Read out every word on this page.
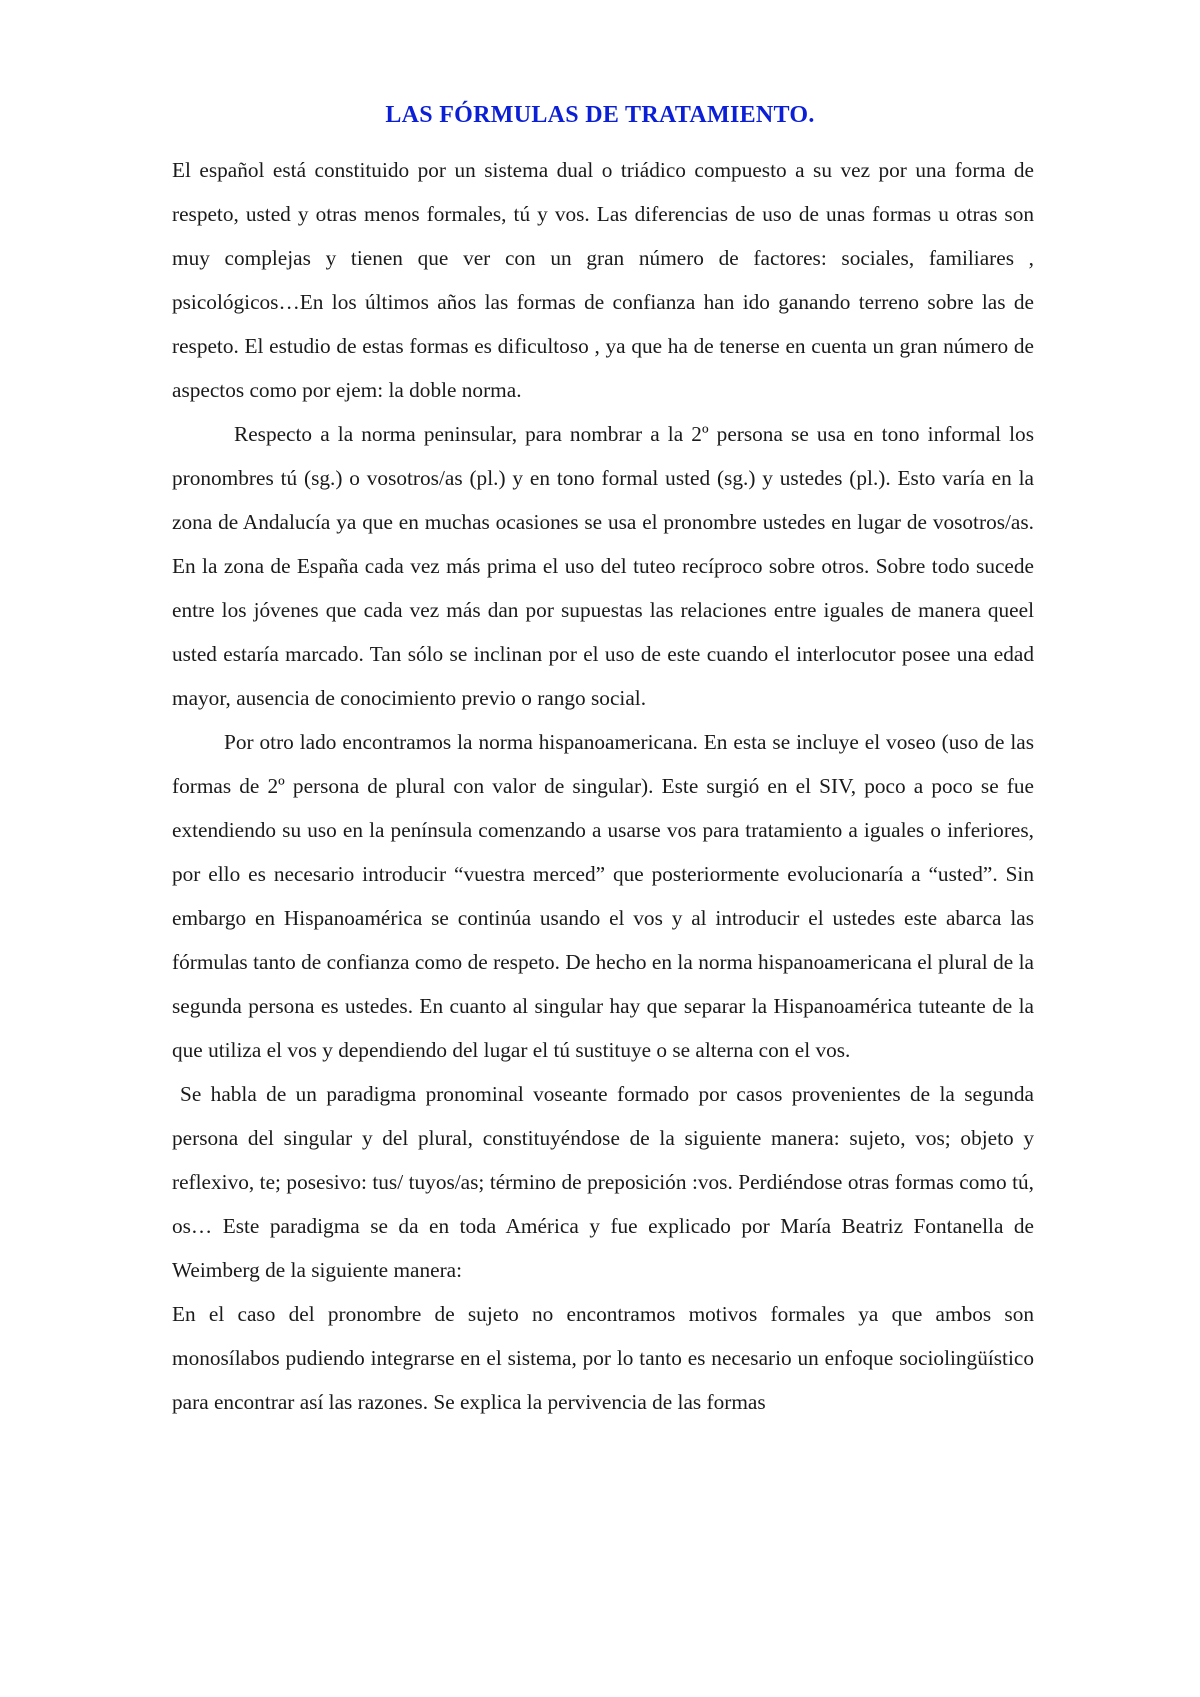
LAS FÓRMULAS DE TRATAMIENTO.

El español está constituido por un sistema dual o triádico compuesto a su vez por una forma de respeto, usted y otras menos formales, tú y vos. Las diferencias de uso de unas formas u otras son muy complejas y tienen que ver con un gran número de factores: sociales, familiares , psicológicos…En los últimos años las formas de confianza han ido ganando terreno sobre las de respeto. El estudio de estas formas es dificultoso , ya que ha de tenerse en cuenta un gran número de aspectos como por ejem: la doble norma.

Respecto a la norma peninsular, para nombrar a la 2º persona se usa en tono informal los pronombres tú (sg.) o vosotros/as (pl.) y en tono formal usted (sg.) y ustedes (pl.). Esto varía en la zona de Andalucía ya que en muchas ocasiones se usa el pronombre ustedes en lugar de vosotros/as. En la zona de España cada vez más prima el uso del tuteo recíproco sobre otros. Sobre todo sucede entre los jóvenes que cada vez más dan por supuestas las relaciones entre iguales de manera queel usted estaría marcado. Tan sólo se inclinan por el uso de este cuando el interlocutor posee una edad mayor, ausencia de conocimiento previo o rango social.

Por otro lado encontramos la norma hispanoamericana. En esta se incluye el voseo (uso de las formas de 2º persona de plural con valor de singular). Este surgió en el SIV, poco a poco se fue extendiendo su uso en la península comenzando a usarse vos para tratamiento a iguales o inferiores, por ello es necesario introducir “vuestra merced” que posteriormente evolucionaría a “usted”. Sin embargo en Hispanoamérica se continúa usando el vos y al introducir el ustedes este abarca las fórmulas tanto de confianza como de respeto. De hecho en la norma hispanoamericana el plural de la segunda persona es ustedes. En cuanto al singular hay que separar la Hispanoamérica tuteante de la que utiliza el vos y dependiendo del lugar el tú sustituye o se alterna con el vos.

Se habla de un paradigma pronominal voseante formado por casos provenientes de la segunda persona del singular y del plural, constituyéndose de la siguiente manera: sujeto, vos; objeto y reflexivo, te; posesivo: tus/ tuyos/as; término de preposición :vos. Perdiéndose otras formas como tú, os… Este paradigma se da en toda América y fue explicado por María Beatriz Fontanella de Weimberg de la siguiente manera:

En el caso del pronombre de sujeto no encontramos motivos formales ya que ambos son monosílabos pudiendo integrarse en el sistema, por lo tanto es necesario un enfoque sociolingüístico para encontrar así las razones. Se explica la pervivencia de las formas
